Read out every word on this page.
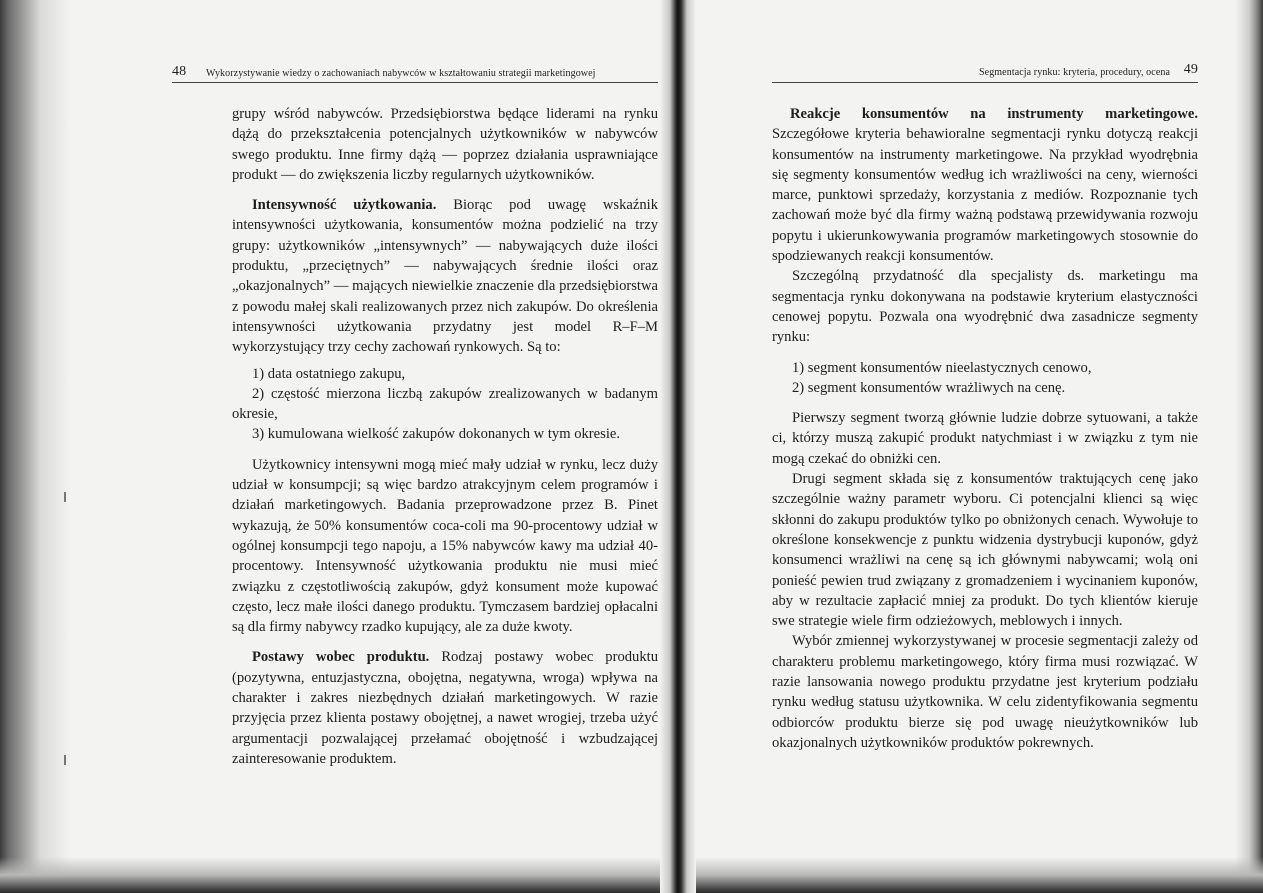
48 Wykorzystywanie wiedzy o zachowaniach nabywców w kształtowaniu strategii marketingowej

grupy wśród nabywców. Przedsiębiorstwa będące liderami na rynku dążą do przekształcenia potencjalnych użytkowników w nabywców swego produktu. Inne firmy dążą — poprzez działania usprawniające produkt — do zwiększenia liczby regularnych użytkowników.

Intensywność użytkowania. Biorąc pod uwagę wskaźnik intensywności użytkowania, konsumentów można podzielić na trzy grupy: użytkowników „intensywnych” — nabywających duże ilości produktu, „przeciętnych” — nabywających średnie ilości oraz „okazjonalnych” — mających niewielkie znaczenie dla przedsiębiorstwa z powodu małej skali realizowanych przez nich zakupów. Do określenia intensywności użytkowania przydatny jest model R–F–M wykorzystujący trzy cechy zachowań rynkowych. Są to:

1) data ostatniego zakupu,

2) częstość mierzona liczbą zakupów zrealizowanych w badanym okresie,

3) kumulowana wielkość zakupów dokonanych w tym okresie.

Użytkownicy intensywni mogą mieć mały udział w rynku, lecz duży udział w konsumpcji; są więc bardzo atrakcyjnym celem programów i działań marketingowych. Badania przeprowadzone przez B. Pinet wykazują, że 50% konsumentów coca-coli ma 90-procentowy udział w ogólnej konsumpcji tego napoju, a 15% nabywców kawy ma udział 40-procentowy. Intensywność użytkowania produktu nie musi mieć związku z częstotliwością zakupów, gdyż konsument może kupować często, lecz małe ilości danego produktu. Tymczasem bardziej opłacalni są dla firmy nabywcy rzadko kupujący, ale za duże kwoty.

Postawy wobec produktu. Rodzaj postawy wobec produktu (pozytywna, entuzjastyczna, obojętna, negatywna, wroga) wpływa na charakter i zakres niezbędnych działań marketingowych. W razie przyjęcia przez klienta postawy obojętnej, a nawet wrogiej, trzeba użyć argumentacji pozwalającej przełamać obojętność i wzbudzającej zainteresowanie produktem.

Segmentacja rynku: kryteria, procedury, ocena 49

Reakcje konsumentów na instrumenty marketingowe. Szczegółowe kryteria behawioralne segmentacji rynku dotyczą reakcji konsumentów na instrumenty marketingowe. Na przykład wyodrębnia się segmenty konsumentów według ich wrażliwości na ceny, wierności marce, punktowi sprzedaży, korzystania z mediów. Rozpoznanie tych zachowań może być dla firmy ważną podstawą przewidywania rozwoju popytu i ukierunkowywania programów marketingowych stosownie do spodziewanych reakcji konsumentów.

Szczególną przydatność dla specjalisty ds. marketingu ma segmentacja rynku dokonywana na podstawie kryterium elastyczności cenowej popytu. Pozwala ona wyodrębnić dwa zasadnicze segmenty rynku:

1) segment konsumentów nieelastycznych cenowo,

2) segment konsumentów wrażliwych na cenę.

Pierwszy segment tworzą głównie ludzie dobrze sytuowani, a także ci, którzy muszą zakupić produkt natychmiast i w związku z tym nie mogą czekać do obniżki cen.

Drugi segment składa się z konsumentów traktujących cenę jako szczególnie ważny parametr wyboru. Ci potencjalni klienci są więc skłonni do zakupu produktów tylko po obniżonych cenach. Wywołuje to określone konsekwencje z punktu widzenia dystrybucji kuponów, gdyż konsumenci wrażliwi na cenę są ich głównymi nabywcami; wolą oni ponieść pewien trud związany z gromadzeniem i wycinaniem kuponów, aby w rezultacie zapłacić mniej za produkt. Do tych klientów kieruje swe strategie wiele firm odzieżowych, meblowych i innych.

Wybór zmiennej wykorzystywanej w procesie segmentacji zależy od charakteru problemu marketingowego, który firma musi rozwiązać. W razie lansowania nowego produktu przydatne jest kryterium podziału rynku według statusu użytkownika. W celu zidentyfikowania segmentu odbiorców produktu bierze się pod uwagę nieużytkowników lub okazjonalnych użytkowników produktów pokrewnych.
